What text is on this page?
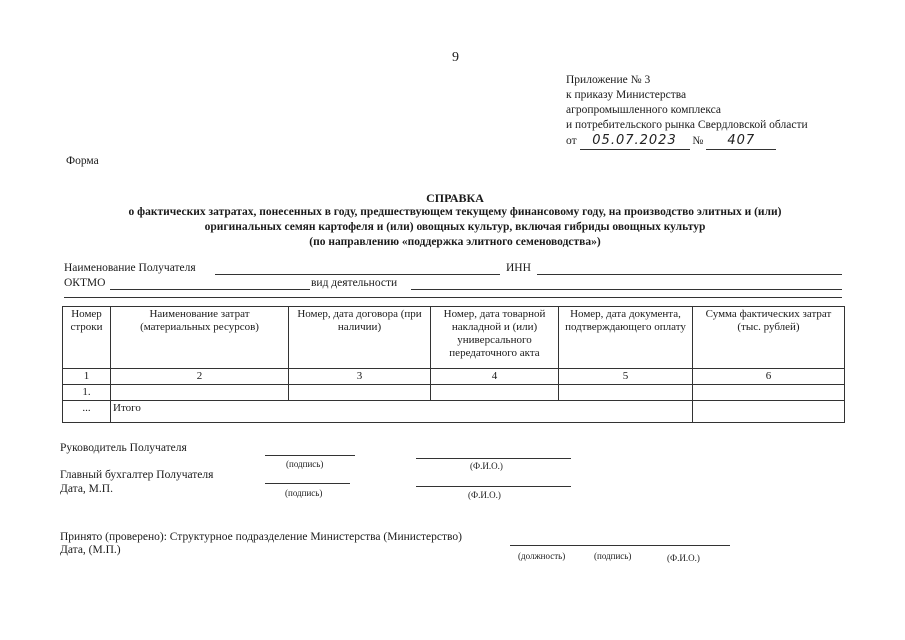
9
Приложение № 3
к приказу Министерства
агропромышленного комплекса
и потребительского рынка Свердловской области
от 05.07.2023 № 407
Форма
СПРАВКА
о фактических затратах, понесенных в году, предшествующем текущему финансовому году, на производство элитных и (или)
оригинальных семян картофеля и (или) овощных культур, включая гибриды овощных культур
(по направлению «поддержка элитного семеноводства»)
Наименование Получателя	ИНН
ОКТМО	вид деятельности
Номер строки	Наименование затрат (материальных ресурсов)	Номер, дата договора (при наличии)	Номер, дата товарной накладной и (или) универсального передаточного акта	Номер, дата документа, подтверждающего оплату	Сумма фактических затрат (тыс. рублей)
1	2	3	4	5	6
1.					
...	Итого				
Руководитель Получателя
(подпись)	(Ф.И.О.)
Главный бухгалтер Получателя
Дата, М.П.	(подпись)	(Ф.И.О.)
Принято (проверено): Структурное подразделение Министерства (Министерство)
Дата, (М.П.)	(должность)	(подпись)	(Ф.И.О.)
